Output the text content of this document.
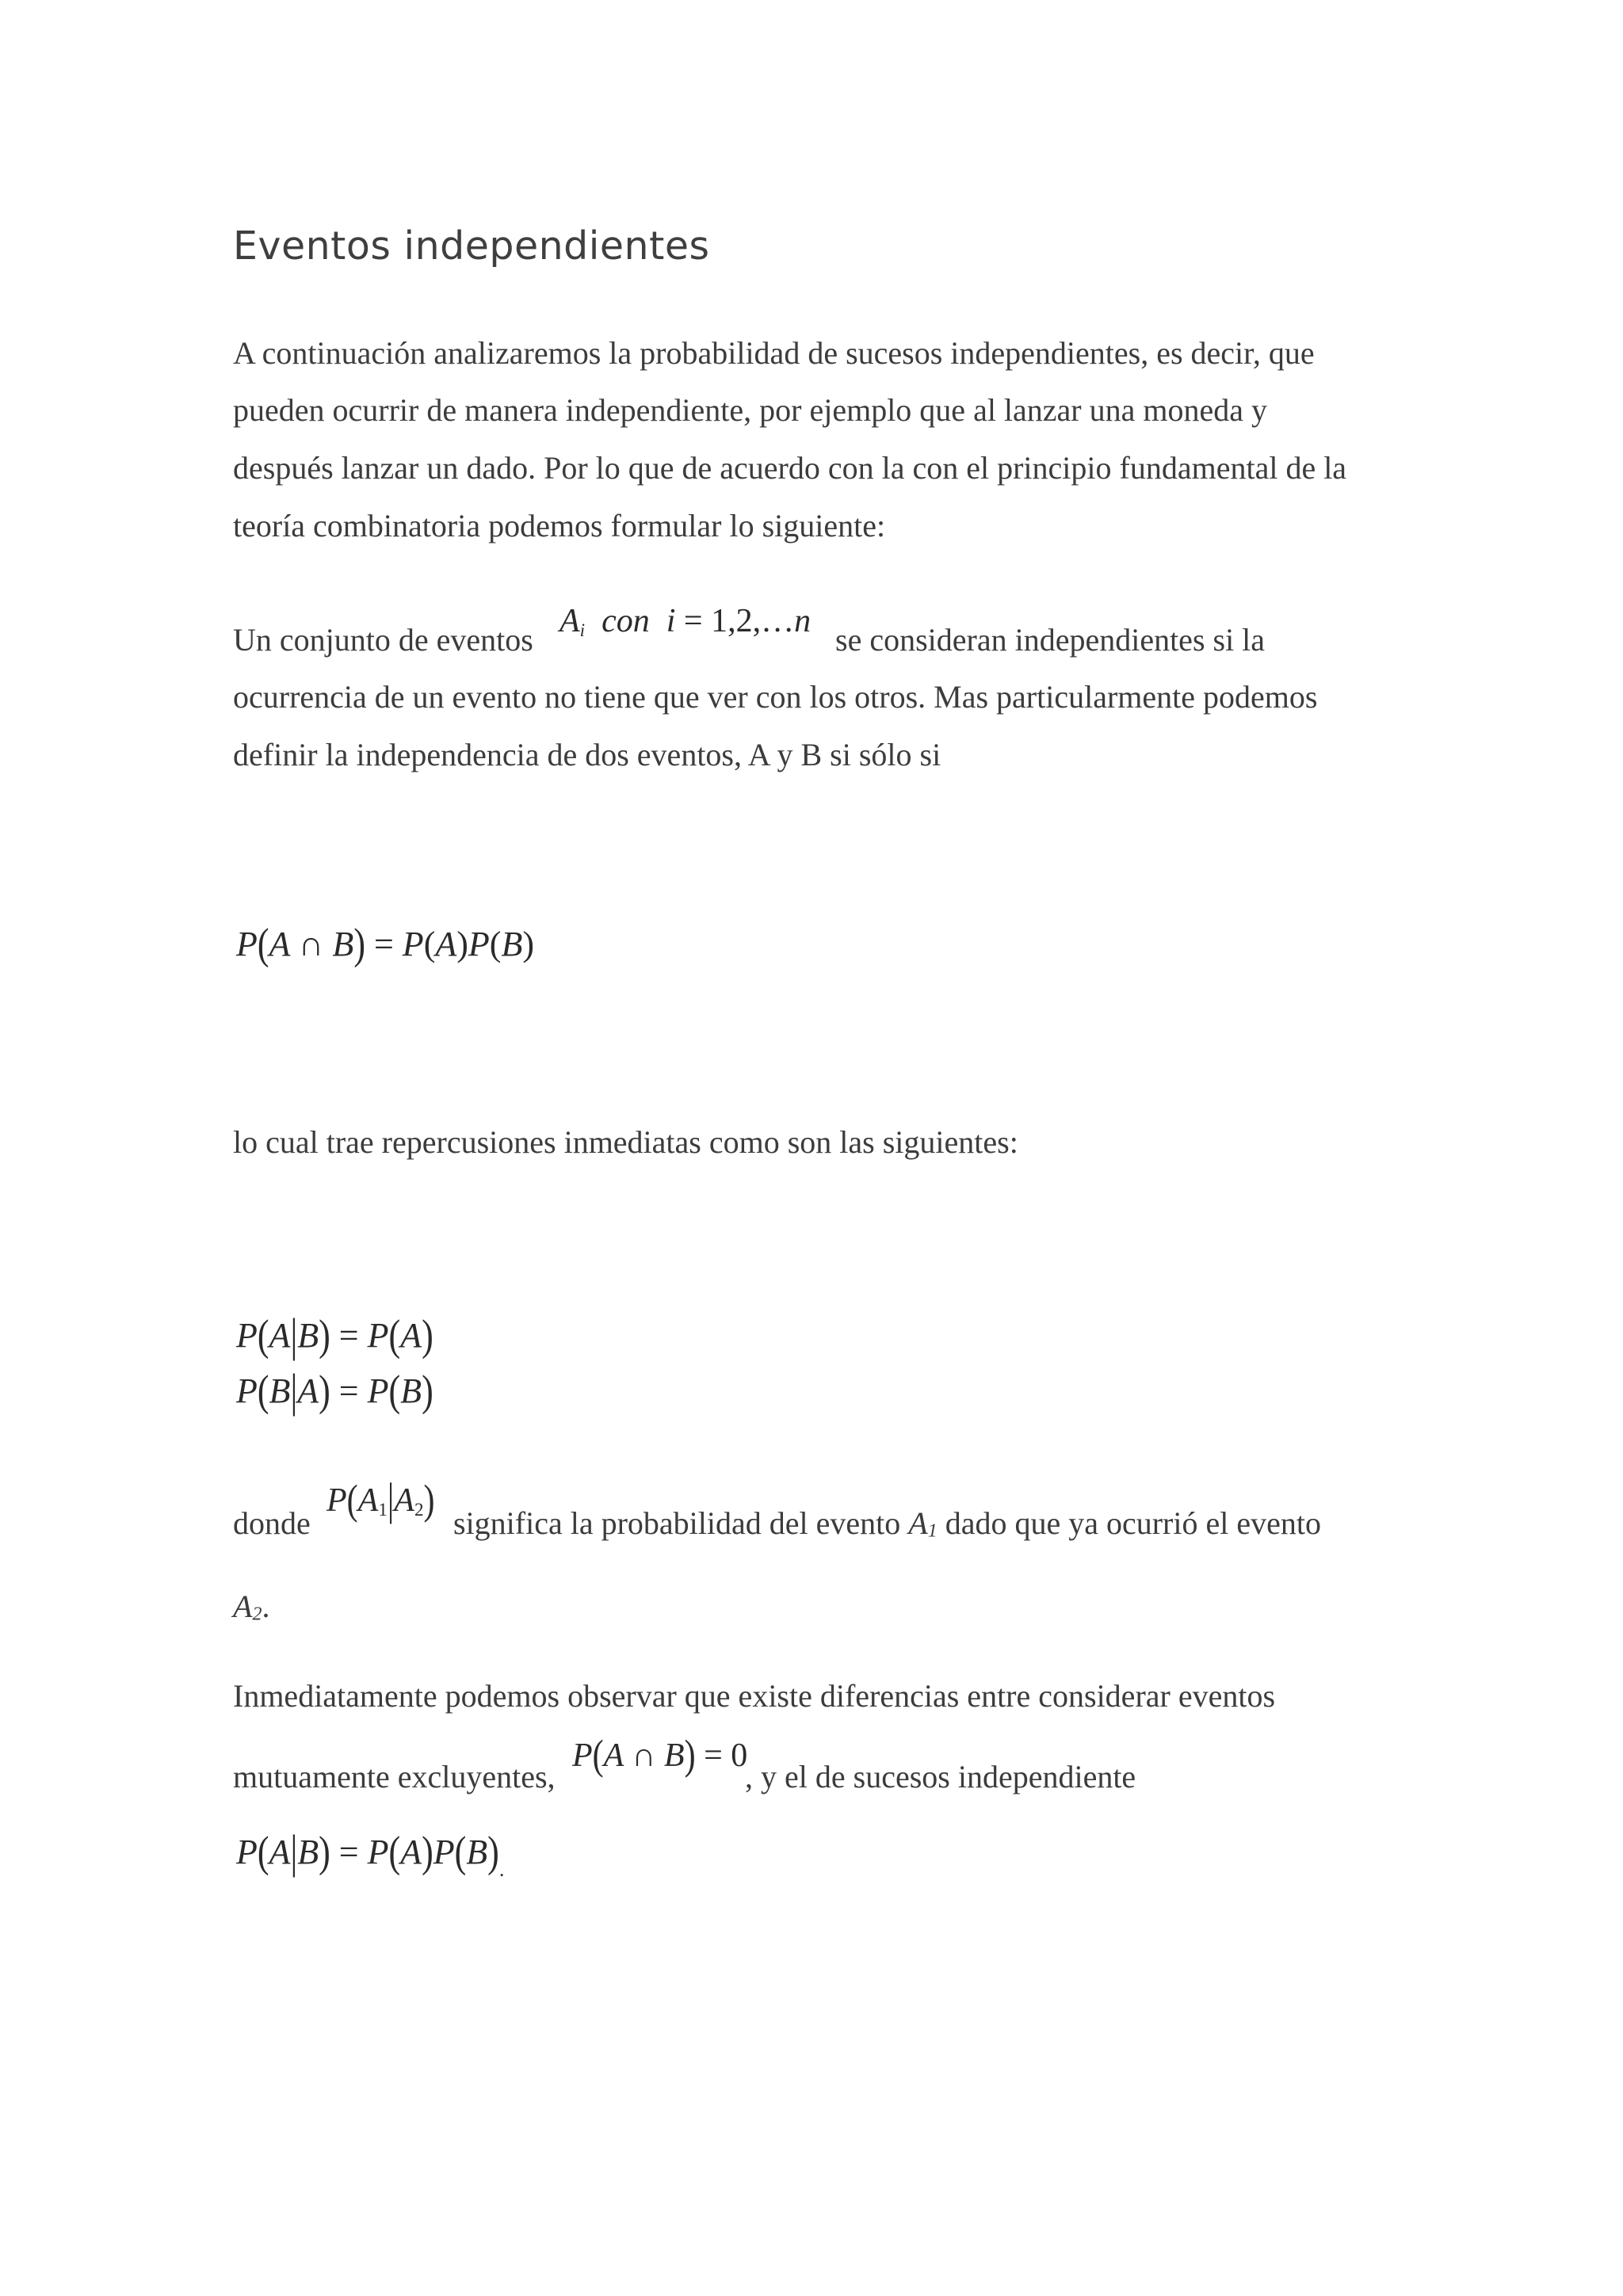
Eventos independientes
A continuación analizaremos la probabilidad de sucesos independientes, es decir, que
pueden ocurrir de manera independiente, por ejemplo que al lanzar una moneda y
después lanzar un dado. Por lo que de acuerdo con la con el principio fundamental de la
teoría combinatoria podemos formular lo siguiente:
Un conjunto de eventos
Ai con i = 1,2,…n
se consideran independientes si la
ocurrencia de un evento no tiene que ver con los otros. Mas particularmente podemos
definir la independencia de dos eventos, A y B si sólo si
P(A ∩ B) = P(A)P(B)
lo cual trae repercusiones inmediatas como son las siguientes:
P(A|B) = P(A)
P(B|A) = P(B)
donde
P(A1|A2) significa la probabilidad del evento A1 dado que ya ocurrió el evento
A2.
Inmediatamente podemos observar que existe diferencias entre considerar eventos
mutuamente excluyentes,
P(A ∩ B) = 0
, y el de sucesos independiente
$P(A|B) = P(A)P(B)_.$
